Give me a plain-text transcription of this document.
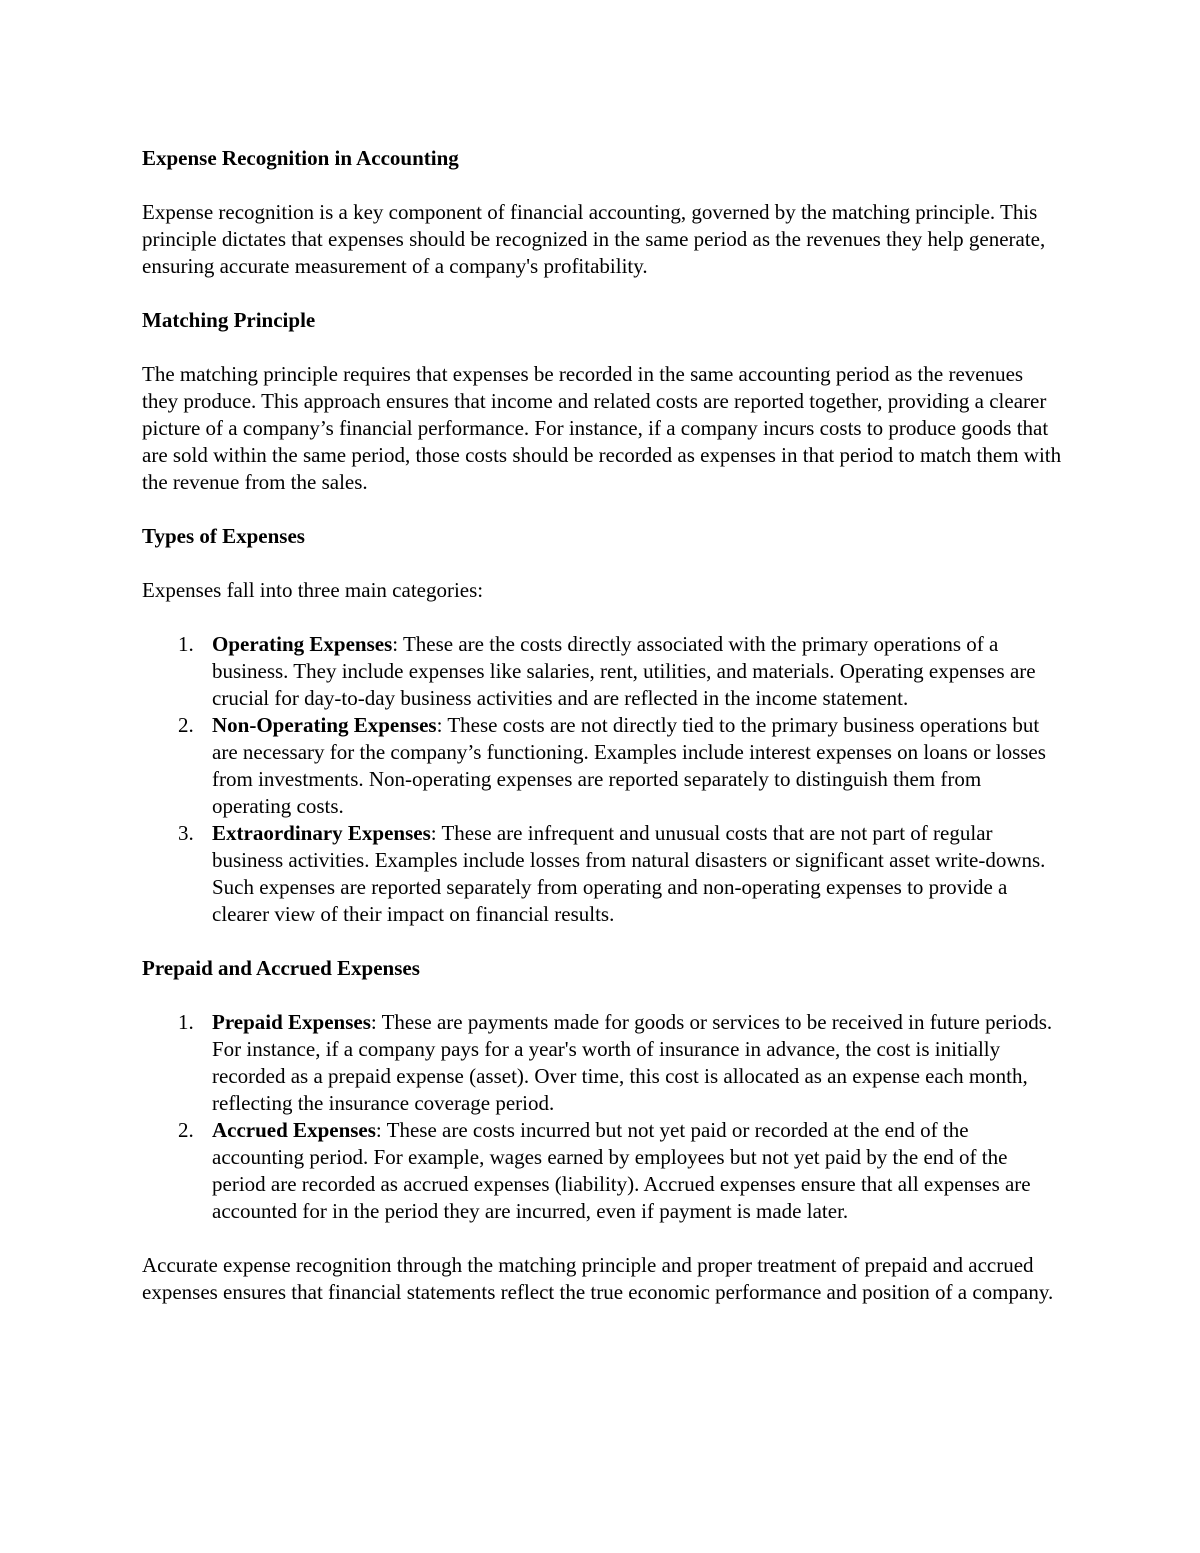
Expense Recognition in Accounting

Expense recognition is a key component of financial accounting, governed by the matching principle. This principle dictates that expenses should be recognized in the same period as the revenues they help generate, ensuring accurate measurement of a company's profitability.

Matching Principle

The matching principle requires that expenses be recorded in the same accounting period as the revenues they produce. This approach ensures that income and related costs are reported together, providing a clearer picture of a company’s financial performance. For instance, if a company incurs costs to produce goods that are sold within the same period, those costs should be recorded as expenses in that period to match them with the revenue from the sales.

Types of Expenses

Expenses fall into three main categories:

1. Operating Expenses: These are the costs directly associated with the primary operations of a business. They include expenses like salaries, rent, utilities, and materials. Operating expenses are crucial for day-to-day business activities and are reflected in the income statement.
2. Non-Operating Expenses: These costs are not directly tied to the primary business operations but are necessary for the company’s functioning. Examples include interest expenses on loans or losses from investments. Non-operating expenses are reported separately to distinguish them from operating costs.
3. Extraordinary Expenses: These are infrequent and unusual costs that are not part of regular business activities. Examples include losses from natural disasters or significant asset write-downs. Such expenses are reported separately from operating and non-operating expenses to provide a clearer view of their impact on financial results.
Prepaid and Accrued Expenses
1. Prepaid Expenses: These are payments made for goods or services to be received in future periods. For instance, if a company pays for a year's worth of insurance in advance, the cost is initially recorded as a prepaid expense (asset). Over time, this cost is allocated as an expense each month, reflecting the insurance coverage period.
2. Accrued Expenses: These are costs incurred but not yet paid or recorded at the end of the accounting period. For example, wages earned by employees but not yet paid by the end of the period are recorded as accrued expenses (liability). Accrued expenses ensure that all expenses are accounted for in the period they are incurred, even if payment is made later.

Accurate expense recognition through the matching principle and proper treatment of prepaid and accrued expenses ensures that financial statements reflect the true economic performance and position of a company.
